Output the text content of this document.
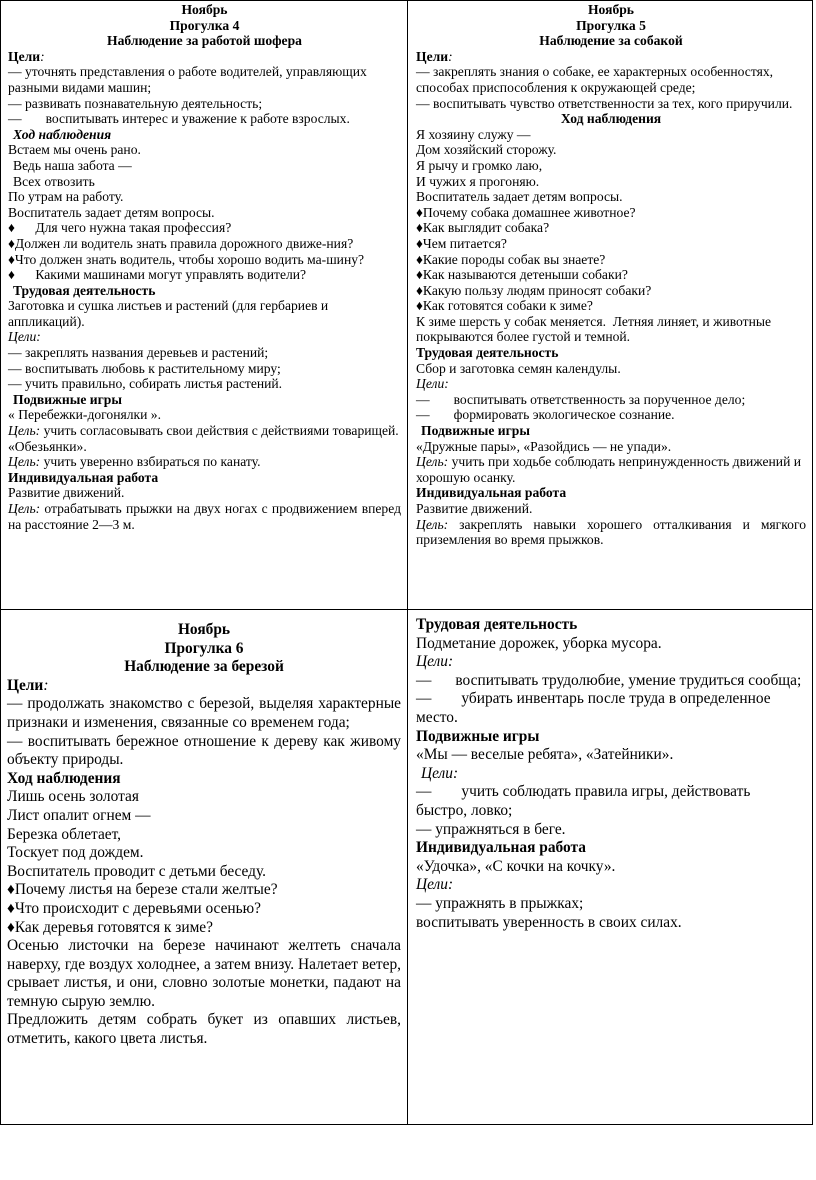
Ноябрь

Прогулка 4

Наблюдение за работой шофера

Цели:

— уточнять представления о работе водителей, управляющих разными видами машин;

— развивать познавательную деятельность;

— воспитывать интерес и уважение к работе взрослых.

Ход наблюдения

Встаем мы очень рано.

Ведь наша забота —

Всех отвозить

По утрам на работу.

Воспитатель задает детям вопросы.

♦      Для чего нужна такая профессия?

♦Должен ли водитель знать правила дорожного движе-ния?

♦Что должен знать водитель, чтобы хорошо водить ма-шину?

♦      Какими машинами могут управлять водители?

Трудовая деятельность

Заготовка и сушка листьев и растений (для гербариев и аппликаций).

Цели:

— закреплять названия деревьев и растений;

— воспитывать любовь к растительному миру;

— учить правильно, собирать листья растений.

Подвижные игры

« Перебежки-догонялки ».

Цель: учить согласовывать свои действия с действиями товарищей.

«Обезьянки».

Цель: учить уверенно взбираться по канату.

Индивидуальная работа

Развитие движений.

Цель: отрабатывать прыжки на двух ногах с продвижением вперед на расстояние 2—3 м.

Ноябрь

Прогулка 5

Наблюдение за собакой

Цели:

— закреплять знания о собаке, ее характерных особенностях, способах приспособления к окружающей среде;

— воспитывать чувство ответственности за тех, кого приручили.

Ход наблюдения

Я хозяину служу —

Дом хозяйский сторожу.

Я рычу и громко лаю,

И чужих я прогоняю.

Воспитатель задает детям вопросы.

♦Почему собака домашнее животное?

♦Как выглядит собака?

♦Чем питается?

♦Какие породы собак вы знаете?

♦Как называются детеныши собаки?

♦Какую пользу людям приносят собаки?

♦Как готовятся собаки к зиме?

К зиме шерсть у собак меняется.  Летняя линяет, и животные покрываются более густой и темной.

Трудовая деятельность

Сбор и заготовка семян календулы.

Цели:

— воспитывать ответственность за порученное дело;

— формировать экологическое сознание.

Подвижные игры

«Дружные пары», «Разойдись — не упади».

Цель: учить при ходьбе соблюдать непринужденность движений и хорошую осанку.

Индивидуальная работа

Развитие движений.

Цель: закреплять навыки хорошего отталкивания и мягкого приземления во время прыжков.

Ноябрь

Прогулка 6

Наблюдение за березой

Цели:

— продолжать знакомство с березой, выделяя характерные признаки и изменения, связанные со временем года;

— воспитывать бережное отношение к дереву как живому объекту природы.

Ход наблюдения

Лишь осень золотая

Лист опалит огнем —

Березка облетает,

Тоскует под дождем.

Воспитатель проводит с детьми беседу.

♦Почему листья на березе стали желтые?

♦Что происходит с деревьями осенью?

♦Как деревья готовятся к зиме?

Осенью листочки на березе начинают желтеть сначала наверху, где воздух холоднее, а затем внизу. Налетает ветер, срывает листья, и они, словно золотые монетки, падают на темную сырую землю.

Предложить детям собрать букет из опавших листьев, отметить, какого цвета листья.

Трудовая деятельность

Подметание дорожек, уборка мусора.

Цели:

— воспитывать трудолюбие, умение трудиться сообща;

— убирать инвентарь после труда в определенное место.

Подвижные игры

«Мы — веселые ребята», «Затейники».

Цели:

— учить соблюдать правила игры, действовать быстро, ловко;

— упражняться в беге.

Индивидуальная работа

«Удочка», «С кочки на кочку».

Цели:

— упражнять в прыжках;

воспитывать уверенность в своих силах.
